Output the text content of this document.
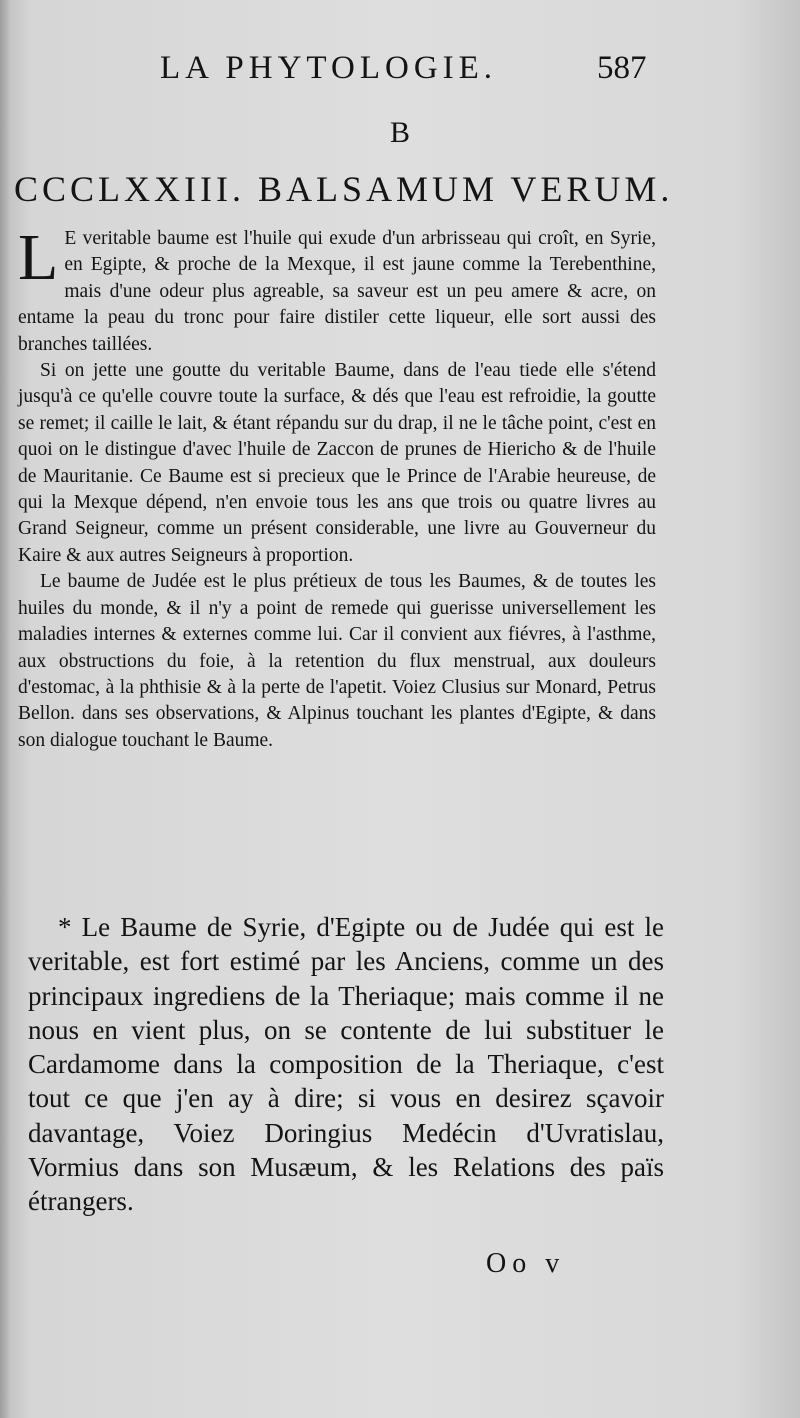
LA PHYTOLOGIE.	587
B
CCCLXXIII. BALSAMUM VERUM.

L E veritable baume est l'huile qui exude d'un arbrisseau qui croît, en Syrie, en Egipte, & proche de la Mexque, il est jaune comme la Terebenthine, mais d'une odeur plus agreable, sa saveur est un peu amere & acre, on entame la peau du tronc pour faire distiler cette liqueur, elle sort aussi des branches taillées.

Si on jette une goutte du veritable Baume, dans de l'eau tiede elle s'étend jusqu'à ce qu'elle couvre toute la surface, & dés que l'eau est refroidie, la goutte se remet; il caille le lait, & étant répandu sur du drap, il ne le tâche point, c'est en quoi on le distingue d'avec l'huile de Zaccon de prunes de Hiericho & de l'huile de Mauritanie. Ce Baume est si precieux que le Prince de l'Arabie heureuse, de qui la Mexque dépend, n'en envoie tous les ans que trois ou quatre livres au Grand Seigneur, comme un présent considerable, une livre au Gouverneur du Kaire & aux autres Seigneurs à proportion.

Le baume de Judée est le plus prétieux de tous les Baumes, & de toutes les huiles du monde, & il n'y a point de remede qui guerisse universellement les maladies internes & externes comme lui. Car il convient aux fiévres, à l'asthme, aux obstructions du foie, à la retention du flux menstrual, aux douleurs d'estomac, à la phthisie & à la perte de l'apetit. Voiez Clusius sur Monard, Petrus Bellon. dans ses observations, & Alpinus touchant les plantes d'Egipte, & dans son dialogue touchant le Baume.

* Le Baume de Syrie, d'Egipte ou de Judée qui est le veritable, est fort estimé par les Anciens, comme un des principaux ingrediens de la Theriaque; mais comme il ne nous en vient plus, on se contente de lui substituer le Cardamome dans la composition de la Theriaque, c'est tout ce que j'en ay à dire; si vous en desirez sçavoir davantage, Voiez Doringius Medécin d'Uvratislau, Vormius dans son Musæum, & les Relations des païs étrangers.

Oo v
